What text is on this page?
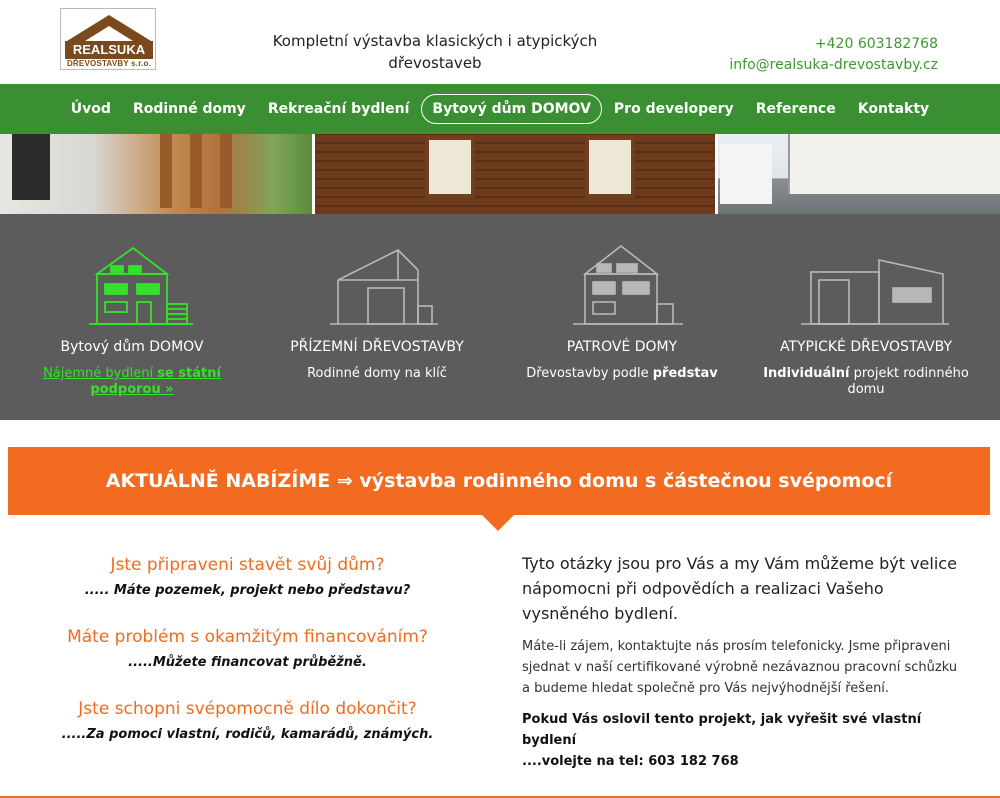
REALSUKA
DŘEVOSTAVBY s.r.o.
Kompletní výstavba klasických i atypických dřevostaveb
+420 603182768
info@realsuka-drevostavby.cz
Úvod	Rodinné domy	Rekreační bydlení	Bytový dům DOMOV	Pro developery	Reference	Kontakty
Bytový dům DOMOV
Nájemné bydlení se státní podporou »
PŘÍZEMNÍ DŘEVOSTAVBY
Rodinné domy na klíč
PATROVÉ DOMY
Dřevostavby podle představ
ATYPICKÉ DŘEVOSTAVBY
Individuální projekt rodinného domu
AKTUÁLNĚ NABÍZÍME ⇒ výstavba rodinného domu s částečnou svépomocí
Jste připraveni stavět svůj dům?
..... Máte pozemek, projekt nebo představu?
Máte problém s okamžitým financováním?
.....Můžete financovat průběžně.
Jste schopni svépomocně dílo dokončit?
.....Za pomoci vlastní, rodičů, kamarádů, známých.
Tyto otázky jsou pro Vás a my Vám můžeme být velice nápomocni při odpovědích a realizaci Vašeho vysněného bydlení.
Máte-li zájem, kontaktujte nás prosím telefonicky. Jsme připraveni sjednat v naší certifikované výrobně nezávaznou pracovní schůzku a budeme hledat společně pro Vás nejvýhodnější řešení.
Pokud Vás oslovil tento projekt, jak vyřešit své vlastní bydlení
....volejte na tel: 603 182 768
